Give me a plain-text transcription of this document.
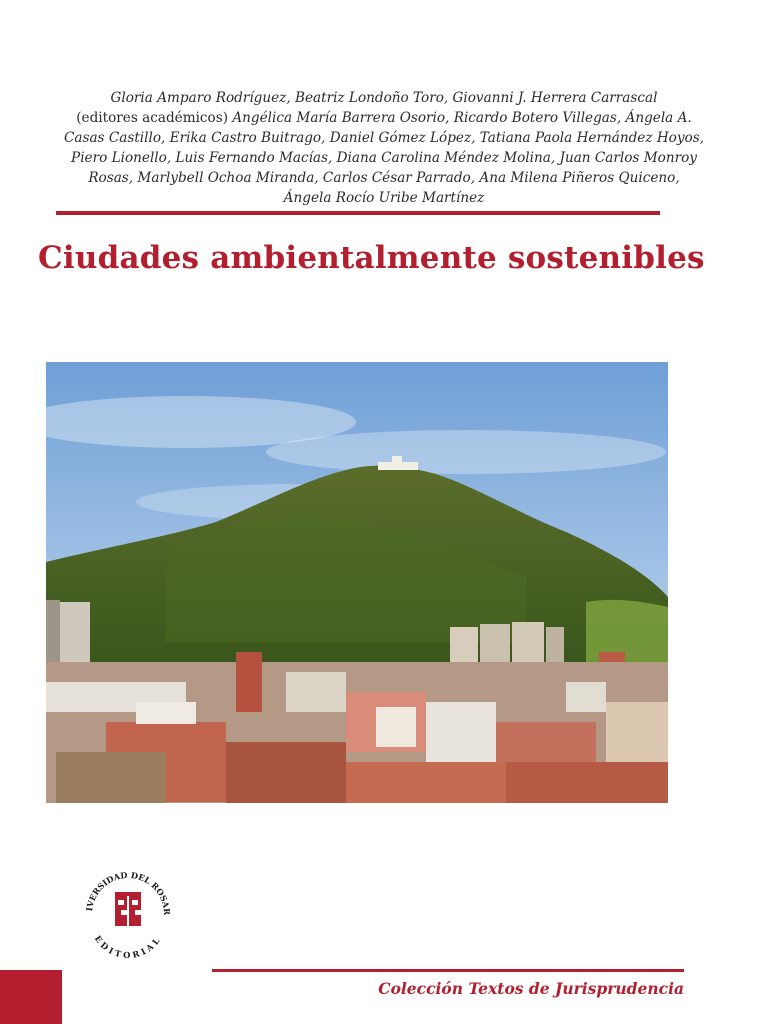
Gloria Amparo Rodríguez, Beatriz Londoño Toro, Giovanni J. Herrera Carrascal
(editores académicos) Angélica María Barrera Osorio, Ricardo Botero Villegas, Ángela A.
Casas Castillo, Erika Castro Buitrago, Daniel Gómez López, Tatiana Paola Hernández Hoyos,
Piero Lionello, Luis Fernando Macías, Diana Carolina Méndez Molina, Juan Carlos Monroy
Rosas, Marlybell Ochoa Miranda, Carlos César Parrado, Ana Milena Piñeros Quiceno,
Ángela Rocío Uribe Martínez
Ciudades ambientalmente sostenibles
IVERSIDAD DEL ROSAR
EDITORIAL
Colección Textos de Jurisprudencia
